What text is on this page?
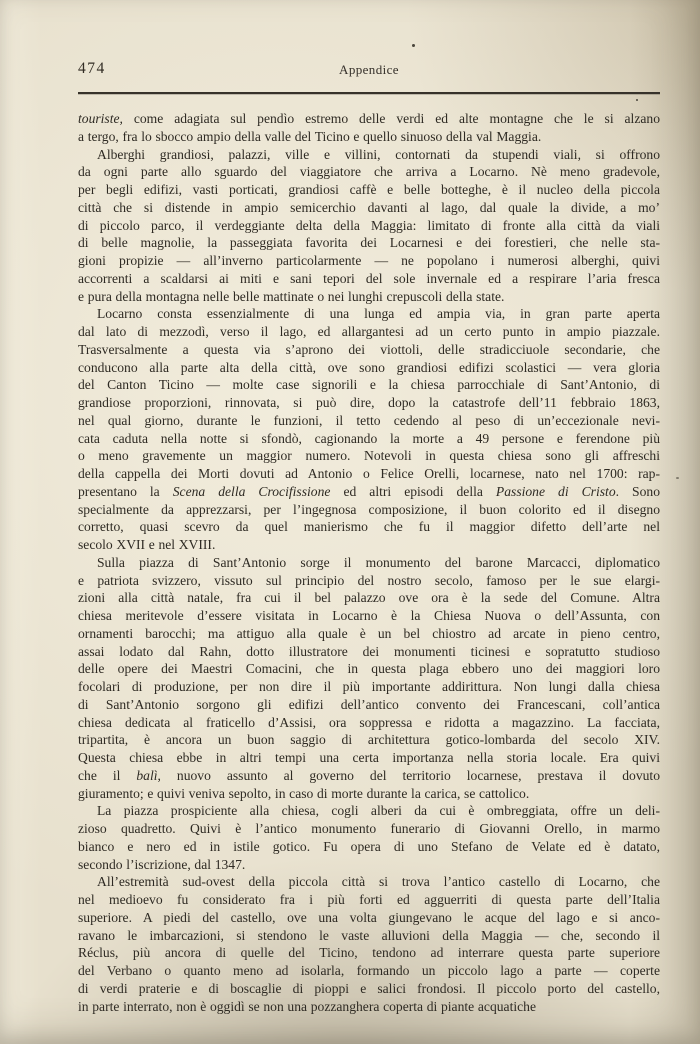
474	Appendice
touriste, come adagiata sul pendìo estremo delle verdi ed alte montagne che le si alzano
a tergo, fra lo sbocco ampio della valle del Ticino e quello sinuoso della val Maggia.
Alberghi grandiosi, palazzi, ville e villini, contornati da stupendi viali, si offrono
da ogni parte allo sguardo del viaggiatore che arriva a Locarno. Nè meno gradevole,
per begli edifizi, vasti porticati, grandiosi caffè e belle botteghe, è il nucleo della piccola
città che si distende in ampio semicerchio davanti al lago, dal quale la divide, a mo’
di piccolo parco, il verdeggiante delta della Maggia: limitato di fronte alla città da viali
di belle magnolie, la passeggiata favorita dei Locarnesi e dei forestieri, che nelle sta-
gioni propizie — all’inverno particolarmente — ne popolano i numerosi alberghi, quivi
accorrenti a scaldarsi ai miti e sani tepori del sole invernale ed a respirare l’aria fresca
e pura della montagna nelle belle mattinate o nei lunghi crepuscoli della state.
Locarno consta essenzialmente di una lunga ed ampia via, in gran parte aperta
dal lato di mezzodì, verso il lago, ed allargantesi ad un certo punto in ampio piazzale.
Trasversalmente a questa via s’aprono dei viottoli, delle stradicciuole secondarie, che
conducono alla parte alta della città, ove sono grandiosi edifizi scolastici — vera gloria
del Canton Ticino — molte case signorili e la chiesa parrocchiale di Sant’Antonio, di
grandiose proporzioni, rinnovata, si può dire, dopo la catastrofe dell’11 febbraio 1863,
nel qual giorno, durante le funzioni, il tetto cedendo al peso di un’eccezionale nevi-
cata caduta nella notte si sfondò, cagionando la morte a 49 persone e ferendone più
o meno gravemente un maggior numero. Notevoli in questa chiesa sono gli affreschi
della cappella dei Morti dovuti ad Antonio o Felice Orelli, locarnese, nato nel 1700: rap-
presentano la Scena della Crocifissione ed altri episodi della Passione di Cristo. Sono
specialmente da apprezzarsi, per l’ingegnosa composizione, il buon colorito ed il disegno
corretto, quasi scevro da quel manierismo che fu il maggior difetto dell’arte nel
secolo XVII e nel XVIII.
Sulla piazza di Sant’Antonio sorge il monumento del barone Marcacci, diplomatico
e patriota svizzero, vissuto sul principio del nostro secolo, famoso per le sue elargi-
zioni alla città natale, fra cui il bel palazzo ove ora è la sede del Comune. Altra
chiesa meritevole d’essere visitata in Locarno è la Chiesa Nuova o dell’Assunta, con
ornamenti barocchi; ma attiguo alla quale è un bel chiostro ad arcate in pieno centro,
assai lodato dal Rahn, dotto illustratore dei monumenti ticinesi e sopratutto studioso
delle opere dei Maestri Comacini, che in questa plaga ebbero uno dei maggiori loro
focolari di produzione, per non dire il più importante addirittura. Non lungi dalla chiesa
di Sant’Antonio sorgono gli edifizi dell’antico convento dei Francescani, coll’antica
chiesa dedicata al fraticello d’Assisi, ora soppressa e ridotta a magazzino. La facciata,
tripartita, è ancora un buon saggio di architettura gotico-lombarda del secolo XIV.
Questa chiesa ebbe in altri tempi una certa importanza nella storia locale. Era quivi
che il balì, nuovo assunto al governo del territorio locarnese, prestava il dovuto
giuramento; e quivi veniva sepolto, in caso di morte durante la carica, se cattolico.
La piazza prospiciente alla chiesa, cogli alberi da cui è ombreggiata, offre un deli-
zioso quadretto. Quivi è l’antico monumento funerario di Giovanni Orello, in marmo
bianco e nero ed in istile gotico. Fu opera di uno Stefano de Velate ed è datato,
secondo l’iscrizione, dal 1347.
All’estremità sud-ovest della piccola città si trova l’antico castello di Locarno, che
nel medioevo fu considerato fra i più forti ed agguerriti di questa parte dell’Italia
superiore. A piedi del castello, ove una volta giungevano le acque del lago e si anco-
ravano le imbarcazioni, si stendono le vaste alluvioni della Maggia — che, secondo il
Réclus, più ancora di quelle del Ticino, tendono ad interrare questa parte superiore
del Verbano o quanto meno ad isolarla, formando un piccolo lago a parte — coperte
di verdi praterie e di boscaglie di pioppi e salici frondosi. Il piccolo porto del castello,
in parte interrato, non è oggidì se non una pozzanghera coperta di piante acquatiche
